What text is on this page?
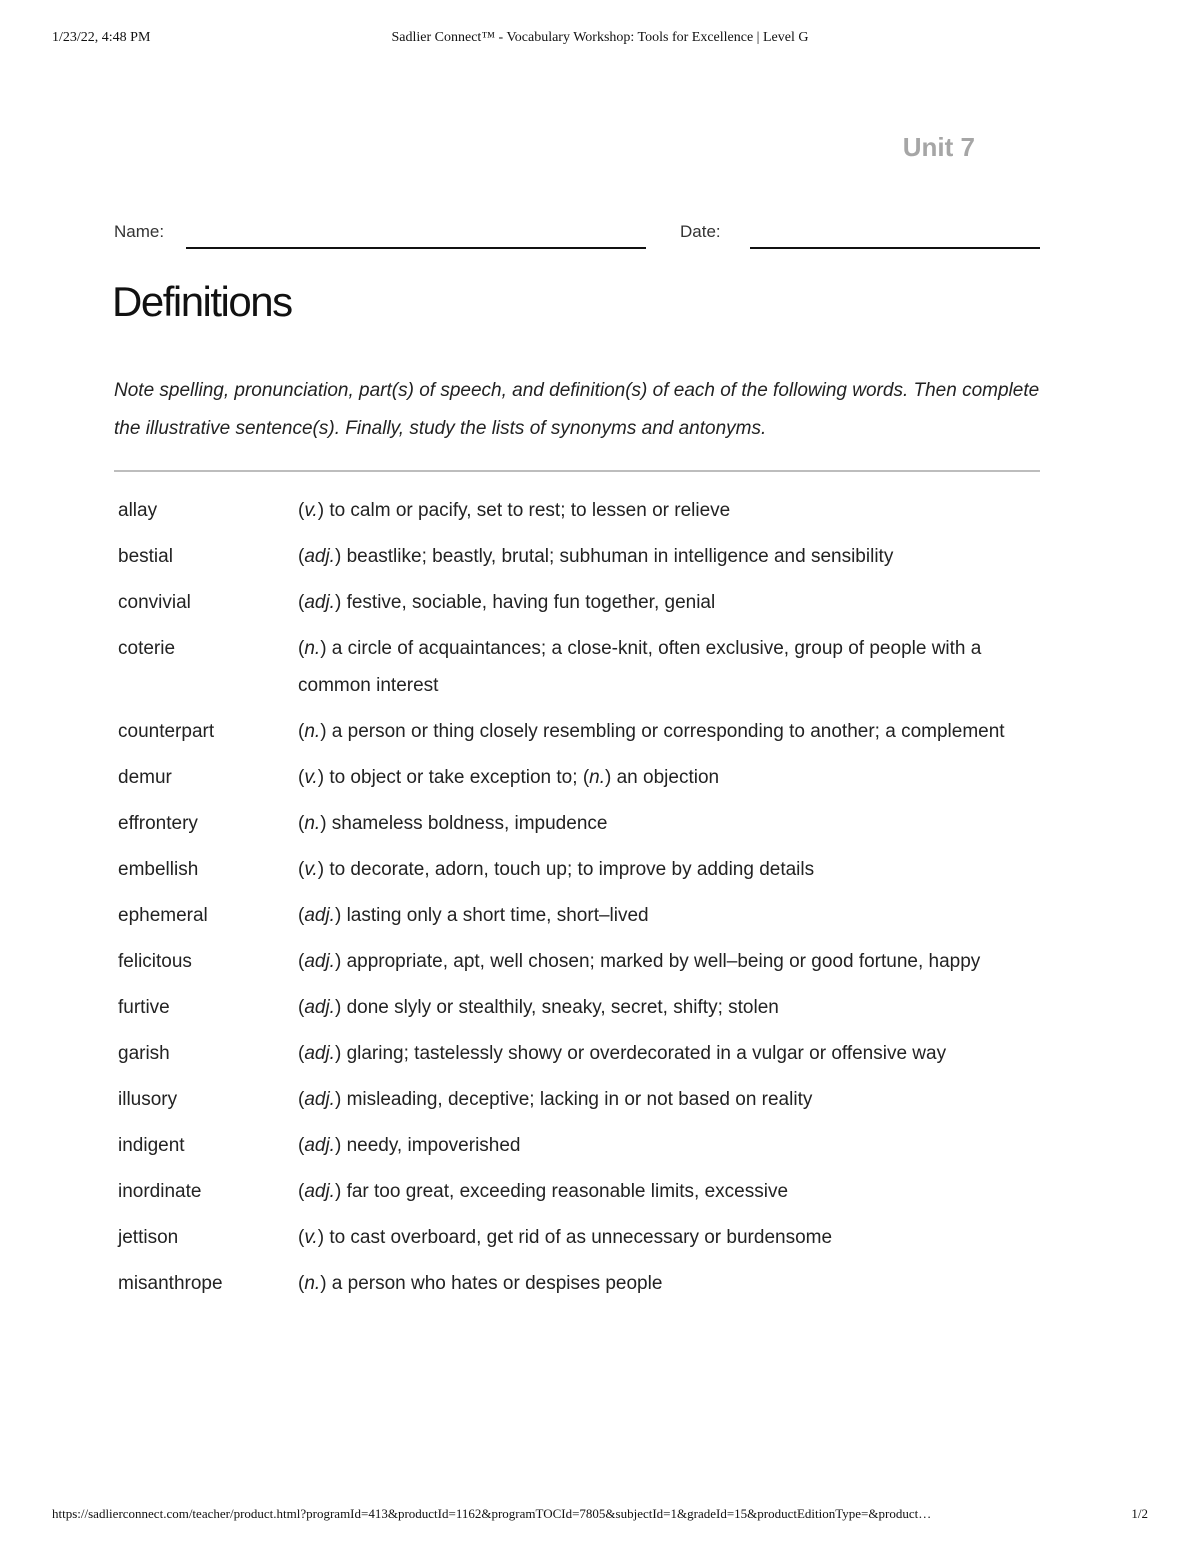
1/23/22, 4:48 PM	Sadlier Connect™ - Vocabulary Workshop: Tools for Excellence | Level G
Unit 7
Name:	Date:
Definitions

Note spelling, pronunciation, part(s) of speech, and definition(s) of each of the following words. Then complete the illustrative sentence(s). Finally, study the lists of synonyms and antonyms.

allay	(v.) to calm or pacify, set to rest; to lessen or relieve
bestial	(adj.) beastlike; beastly, brutal; subhuman in intelligence and sensibility
convivial	(adj.) festive, sociable, having fun together, genial
coterie	(n.) a circle of acquaintances; a close-knit, often exclusive, group of people with a common interest
counterpart	(n.) a person or thing closely resembling or corresponding to another; a complement
demur	(v.) to object or take exception to; (n.) an objection
effrontery	(n.) shameless boldness, impudence
embellish	(v.) to decorate, adorn, touch up; to improve by adding details
ephemeral	(adj.) lasting only a short time, short–lived
felicitous	(adj.) appropriate, apt, well chosen; marked by well–being or good fortune, happy
furtive	(adj.) done slyly or stealthily, sneaky, secret, shifty; stolen
garish	(adj.) glaring; tastelessly showy or overdecorated in a vulgar or offensive way
illusory	(adj.) misleading, deceptive; lacking in or not based on reality
indigent	(adj.) needy, impoverished
inordinate	(adj.) far too great, exceeding reasonable limits, excessive
jettison	(v.) to cast overboard, get rid of as unnecessary or burdensome
misanthrope	(n.) a person who hates or despises people
https://sadlierconnect.com/teacher/product.html?programId=413&productId=1162&programTOCId=7805&subjectId=1&gradeId=15&productEditionType=&product…	1/2
